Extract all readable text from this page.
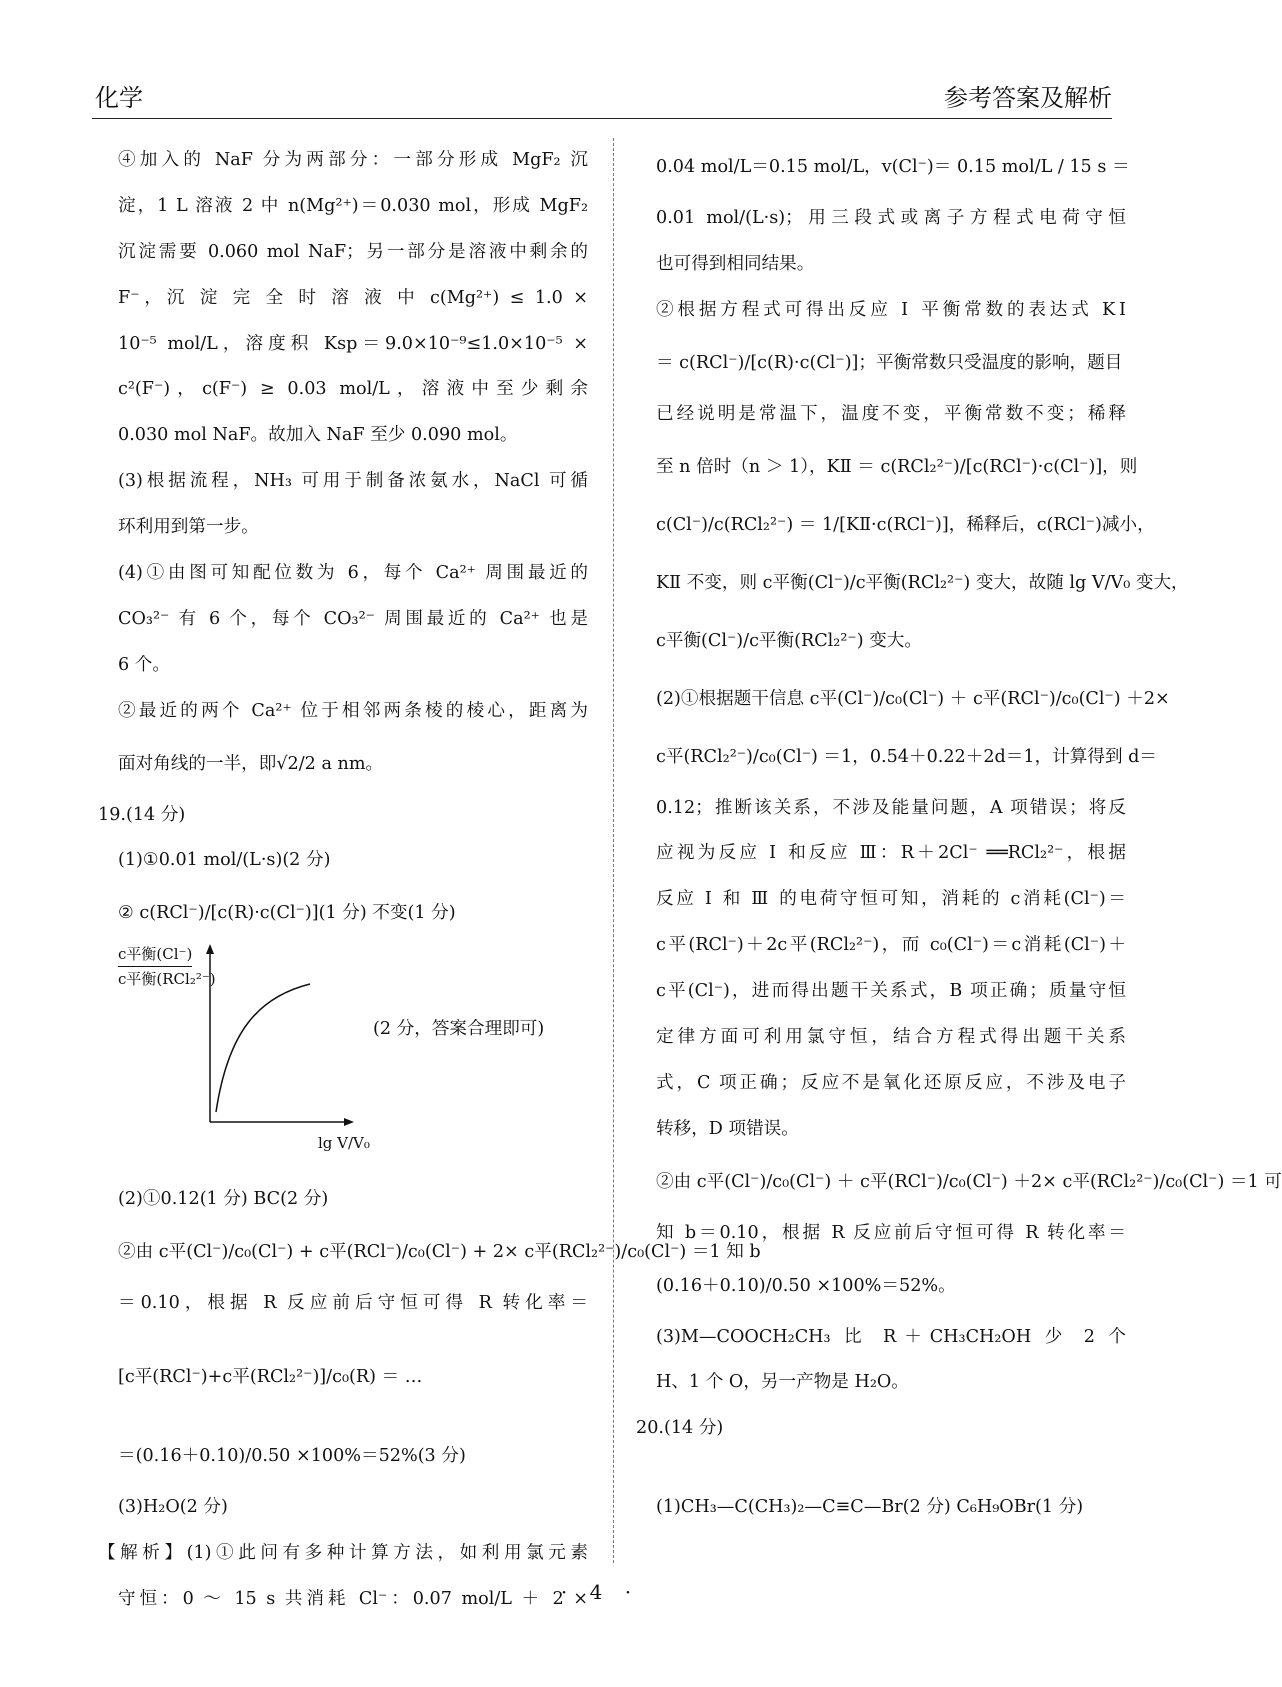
化学	参考答案及解析
④加入的 NaF 分为两部分：一部分形成 MgF₂ 沉
淀，1 L 溶液 2 中 n(Mg²⁺)＝0.030 mol，形成 MgF₂
沉淀需要 0.060 mol NaF；另一部分是溶液中剩余的
F⁻，沉 淀 完 全 时 溶 液 中 c(Mg²⁺) ≤ 1.0 ×
10⁻⁵ mol/L，溶度积 Ksp＝9.0×10⁻⁹≤1.0×10⁻⁵ ×
c²(F⁻)，c(F⁻) ≥ 0.03 mol/L，溶液中至少剩余
0.030 mol NaF。故加入 NaF 至少 0.090 mol。
(3)根据流程，NH₃ 可用于制备浓氨水，NaCl 可循
环利用到第一步。
(4)①由图可知配位数为 6，每个 Ca²⁺ 周围最近的
CO₃²⁻ 有 6 个，每个 CO₃²⁻ 周围最近的 Ca²⁺ 也是
6 个。
②最近的两个 Ca²⁺ 位于相邻两条棱的棱心，距离为
面对角线的一半，即√2/2 a nm。
19.(14 分)
(1)①0.01 mol/(L·s)(2 分)
② c(RCl⁻)/[c(R)·c(Cl⁻)](1 分) 不变(1 分)
c平衡(Cl⁻)
c平衡(RCl₂²⁻)
lg V/V₀
(2 分，答案合理即可)
(2)①0.12(1 分) BC(2 分)
②由 c平(Cl⁻)/c₀(Cl⁻) + c平(RCl⁻)/c₀(Cl⁻) + 2× c平(RCl₂²⁻)/c₀(Cl⁻) ＝1 知 b
＝0.10，根据 R 反应前后守恒可得 R 转化率＝
[c平(RCl⁻)+c平(RCl₂²⁻)]/c₀(R) ＝ …
＝(0.16＋0.10)/0.50 ×100%＝52%(3 分)
(3)H₂O(2 分)
【解析】(1)①此问有多种计算方法，如利用氯元素
守恒：0 ～ 15 s 共消耗 Cl⁻：0.07 mol/L ＋ 2 ×
0.04 mol/L＝0.15 mol/L，v(Cl⁻)＝ 0.15 mol/L / 15 s ＝
0.01 mol/(L·s)；用三段式或离子方程式电荷守恒
也可得到相同结果。
②根据方程式可得出反应 Ⅰ 平衡常数的表达式 KⅠ
＝ c(RCl⁻)/[c(R)·c(Cl⁻)]；平衡常数只受温度的影响，题目
已经说明是常温下，温度不变，平衡常数不变；稀释
至 n 倍时（n ＞ 1），KⅡ ＝ c(RCl₂²⁻)/[c(RCl⁻)·c(Cl⁻)]，则
c(Cl⁻)/c(RCl₂²⁻) ＝ 1/[KⅡ·c(RCl⁻)]，稀释后，c(RCl⁻)减小，
KⅡ 不变，则 c平衡(Cl⁻)/c平衡(RCl₂²⁻) 变大，故随 lg V/V₀ 变大，
c平衡(Cl⁻)/c平衡(RCl₂²⁻) 变大。
(2)①根据题干信息 c平(Cl⁻)/c₀(Cl⁻) ＋ c平(RCl⁻)/c₀(Cl⁻) ＋2×
c平(RCl₂²⁻)/c₀(Cl⁻) ＝1，0.54＋0.22＋2d＝1，计算得到 d＝
0.12；推断该关系，不涉及能量问题，A 项错误；将反
应视为反应 Ⅰ 和反应 Ⅲ：R＋2Cl⁻ ══RCl₂²⁻，根据
反应 Ⅰ 和 Ⅲ 的电荷守恒可知，消耗的 c消耗(Cl⁻)＝
c平(RCl⁻)＋2c平(RCl₂²⁻)，而 c₀(Cl⁻)＝c消耗(Cl⁻)＋
c平(Cl⁻)，进而得出题干关系式，B 项正确；质量守恒
定律方面可利用氯守恒，结合方程式得出题干关系
式，C 项正确；反应不是氧化还原反应，不涉及电子
转移，D 项错误。
②由 c平(Cl⁻)/c₀(Cl⁻) ＋ c平(RCl⁻)/c₀(Cl⁻) ＋2× c平(RCl₂²⁻)/c₀(Cl⁻) ＝1 可
知 b＝0.10，根据 R 反应前后守恒可得 R 转化率＝
(0.16＋0.10)/0.50 ×100%＝52%。
(3)M—COOCH₂CH₃ 比 R＋CH₃CH₂OH 少 2 个
H、1 个 O，另一产物是 H₂O。
20.(14 分)
(1)CH₃—C(CH₃)₂—C≡C—Br(2 分) C₆H₉OBr(1 分)
· 4 ·
